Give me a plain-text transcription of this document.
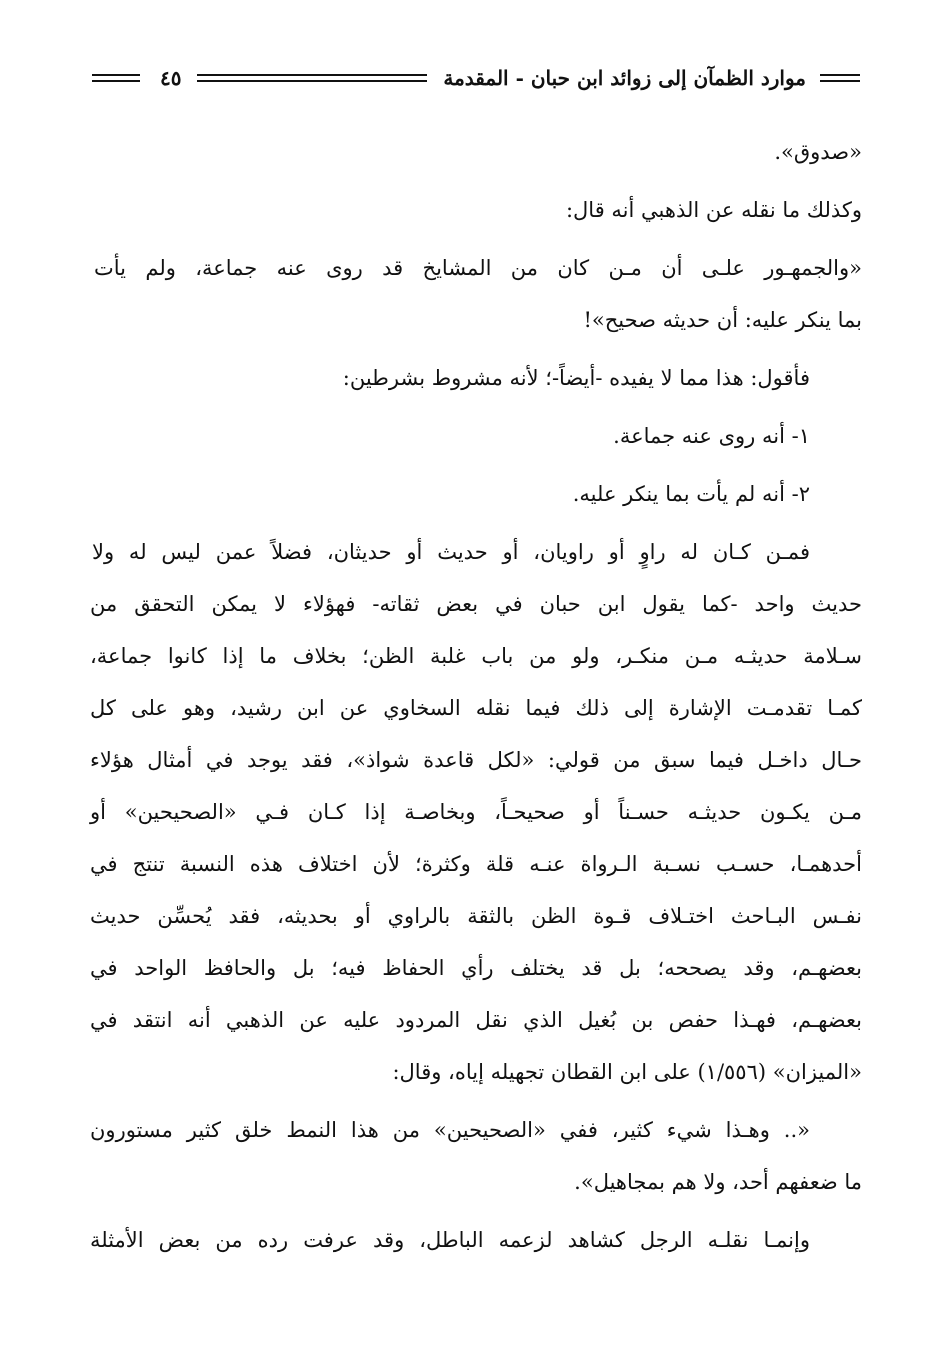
موارد الظمآن إلى زوائد ابن حبان - المقدمة
٤٥
«صدوق».
وكذلك ما نقله عن الذهبي أنه قال:
«والجمهـور علـى أن مـن كان من المشايخ قد روى عنه جماعة، ولم يأت
بما ينكر عليه: أن حديثه صحيح»!
فأقول: هذا مما لا يفيده -أيضاً-؛ لأنه مشروط بشرطين:
١- أنه روى عنه جماعة.
٢- أنه لم يأت بما ينكر عليه.
فمـن كـان له راوٍ أو راويان، أو حديث أو حديثان، فضلاً عمن ليس له ولا
حديث واحد -كما يقول ابن حبان في بعض ثقاته- فهؤلاء لا يمكن التحقق من
سـلامة حديثـه مـن منكـر، ولو من باب غلبة الظن؛ بخلاف ما إذا كانوا جماعة،
كمـا تقدمـت الإشارة إلى ذلك فيما نقله السخاوي عن ابن رشيد، وهو على كل
حـال داخـل فيما سبق من قولي: «لكل قاعدة شواذ»، فقد يوجد في أمثال هؤلاء
مـن يكـون حديثـه حسـناً أو صحيحـاً، وبخاصـة إذا كـان فـي «الصحيحين» أو
أحدهمـا، حسـب نسـبة الـرواة عنـه قلة وكثرة؛ لأن اختلاف هذه النسبة تنتج في
نفـس البـاحث اختـلاف قـوة الظن بالثقة بالراوي أو بحديثه، فقد يُحسِّن حديث
بعضهـم، وقد يصححه؛ بل قد يختلف رأي الحفاظ فيه؛ بل والحافظ الواحد في
بعضهـم، فهـذا حفص بن بُغيل الذي نقل المردود عليه عن الذهبي أنه انتقد في
«الميزان» (١/٥٥٦) على ابن القطان تجهيله إياه، وقال:
«.. وهـذا شيء كثير، ففي «الصحيحين» من هذا النمط خلق كثير مستورون
ما ضعفهم أحد، ولا هم بمجاهيل».
وإنمـا نقلـه الرجل كشاهد لزعمه الباطل، وقد عرفت رده من بعض الأمثلة
